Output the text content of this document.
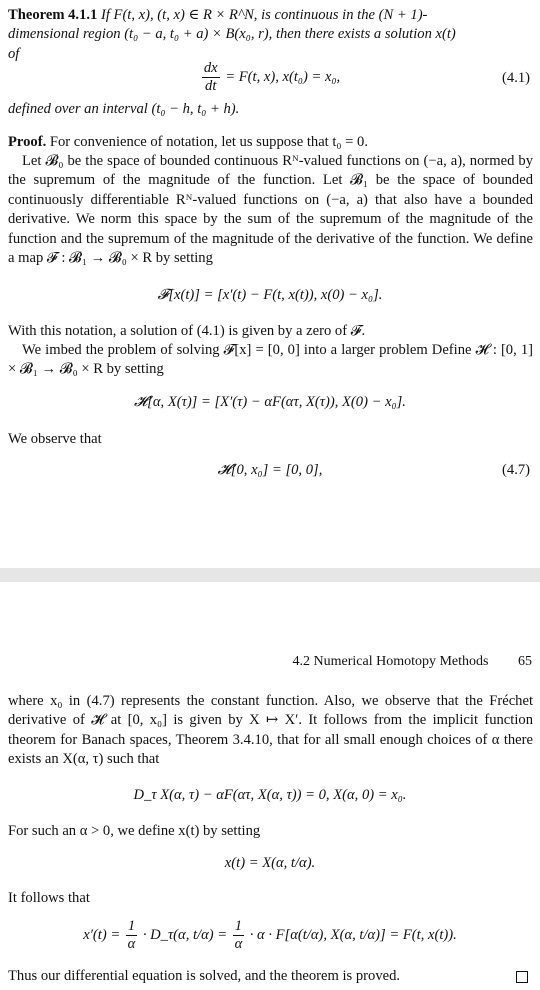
Theorem 4.1.1 If F(t, x), (t, x) ∈ R × R^N, is continuous in the (N + 1)-
dimensional region (t₀ − a, t₀ + a) × B(x₀, r), then there exists a solution x(t)
of

$\frac{dx}{dt} = F(t$, x), x(t₀) = x₀,	(4.1)

defined over an interval (t₀ − h, t₀ + h).

Proof. For convenience of notation, let us suppose that t₀ = 0.

Let 𝓑₀ be the space of bounded continuous Rᴺ-valued functions on (−a, a), normed by the supremum of the magnitude of the function. Let 𝓑₁ be the space of bounded continuously differentiable Rᴺ-valued functions on (−a, a) that also have a bounded derivative. We norm this space by the sum of the supremum of the magnitude of the function and the supremum of the magnitude of the derivative of the function. We define a map 𝓕 : 𝓑₁ → 𝓑₀ × R by setting

𝓕[x(t)] = [x′(t) − F(t, x(t)), x(0) − x₀].

With this notation, a solution of (4.1) is given by a zero of 𝓕.

We imbed the problem of solving 𝓕[x] = [0, 0] into a larger problem Define 𝓗 : [0, 1] × 𝓑₁ → 𝓑₀ × R by setting

𝓗[α, X(τ)] = [X′(τ) − αF(ατ, X(τ)), X(0) − x₀].

We observe that

𝓗[0, x₀] = [0, 0],	(4.7)
4.2 Numerical Homotopy Methods 65

where x₀ in (4.7) represents the constant function. Also, we observe that the Fréchet derivative of 𝓗 at [0, x₀] is given by X ↦ X′. It follows from the implicit function theorem for Banach spaces, Theorem 3.4.10, that for all small enough choices of α there exists an X(α, τ) such that

D_τ X(α, τ) − αF(ατ, X(α, τ)) = 0, X(α, 0) = x₀.

For such an α > 0, we define x(t) by setting

x(t) = X(α, t/α).

It follows that

$x'(t) = \frac{1}{\alpha}$ · D_τ(α, $t/\alpha) = \frac{1}{\alpha} \cdot \alpha \cdot F[\alpha(t/\alpha)$, X(α, t/α)] = F(t, x(t)).

Thus our differential equation is solved, and the theorem is proved.
